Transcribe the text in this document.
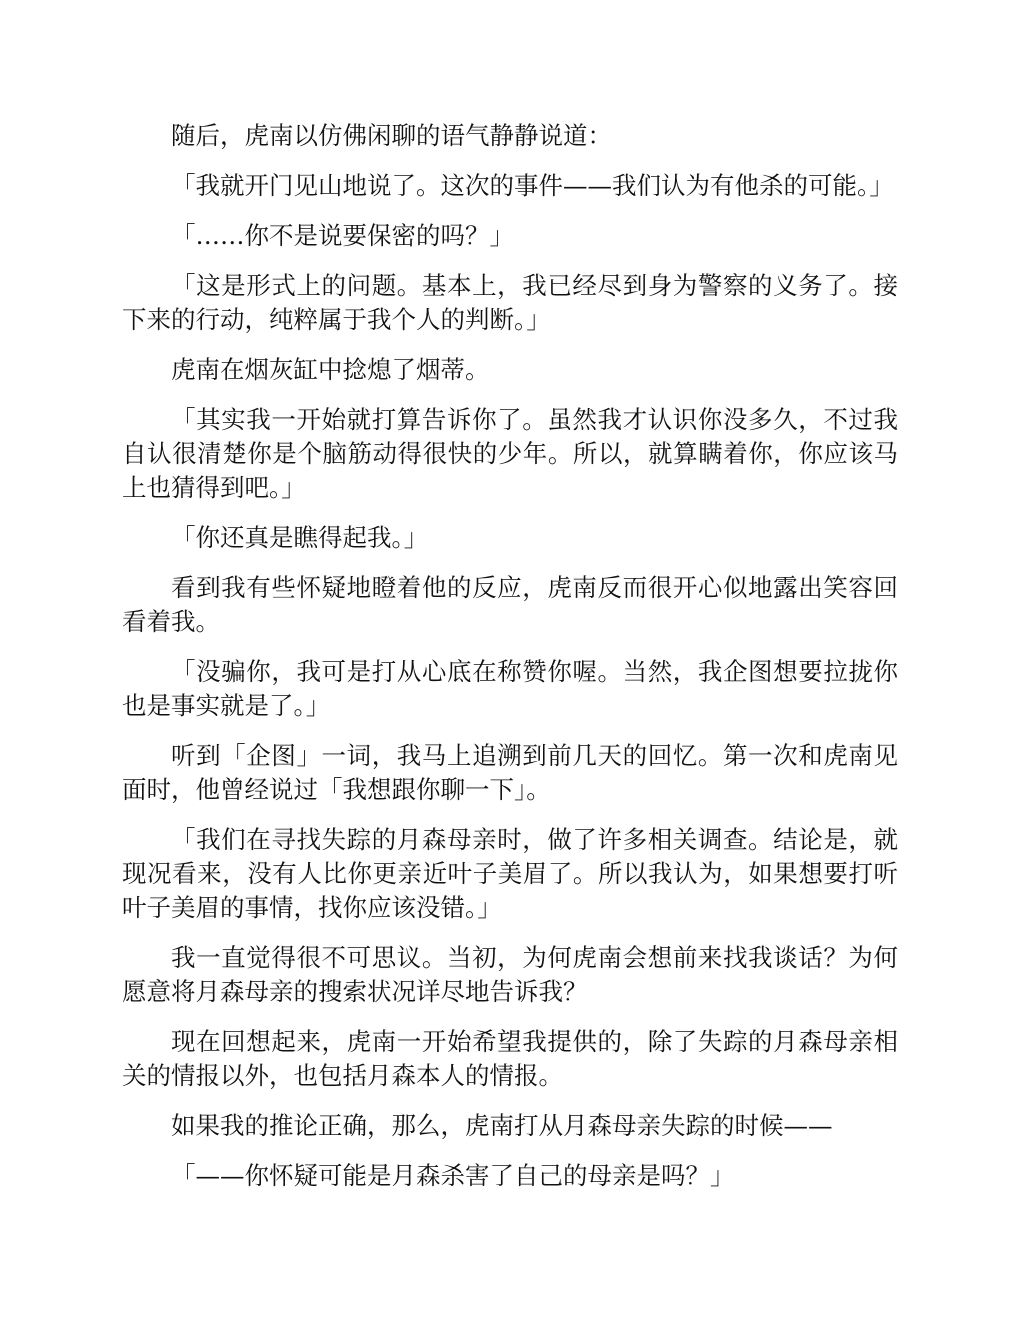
随后，虎南以仿佛闲聊的语气静静说道：

「我就开门见山地说了。这次的事件——我们认为有他杀的可能。」

「……你不是说要保密的吗？」

「这是形式上的问题。基本上，我已经尽到身为警察的义务了。接下来的行动，纯粹属于我个人的判断。」

虎南在烟灰缸中捻熄了烟蒂。

「其实我一开始就打算告诉你了。虽然我才认识你没多久，不过我自认很清楚你是个脑筋动得很快的少年。所以，就算瞒着你，你应该马上也猜得到吧。」

「你还真是瞧得起我。」

看到我有些怀疑地瞪着他的反应，虎南反而很开心似地露出笑容回看着我。

「没骗你，我可是打从心底在称赞你喔。当然，我企图想要拉拢你也是事实就是了。」

听到「企图」一词，我马上追溯到前几天的回忆。第一次和虎南见面时，他曾经说过「我想跟你聊一下」。

「我们在寻找失踪的月森母亲时，做了许多相关调查。结论是，就现况看来，没有人比你更亲近叶子美眉了。所以我认为，如果想要打听叶子美眉的事情，找你应该没错。」

我一直觉得很不可思议。当初，为何虎南会想前来找我谈话？为何愿意将月森母亲的搜索状况详尽地告诉我？

现在回想起来，虎南一开始希望我提供的，除了失踪的月森母亲相关的情报以外，也包括月森本人的情报。

如果我的推论正确，那么，虎南打从月森母亲失踪的时候——

「——你怀疑可能是月森杀害了自己的母亲是吗？」
